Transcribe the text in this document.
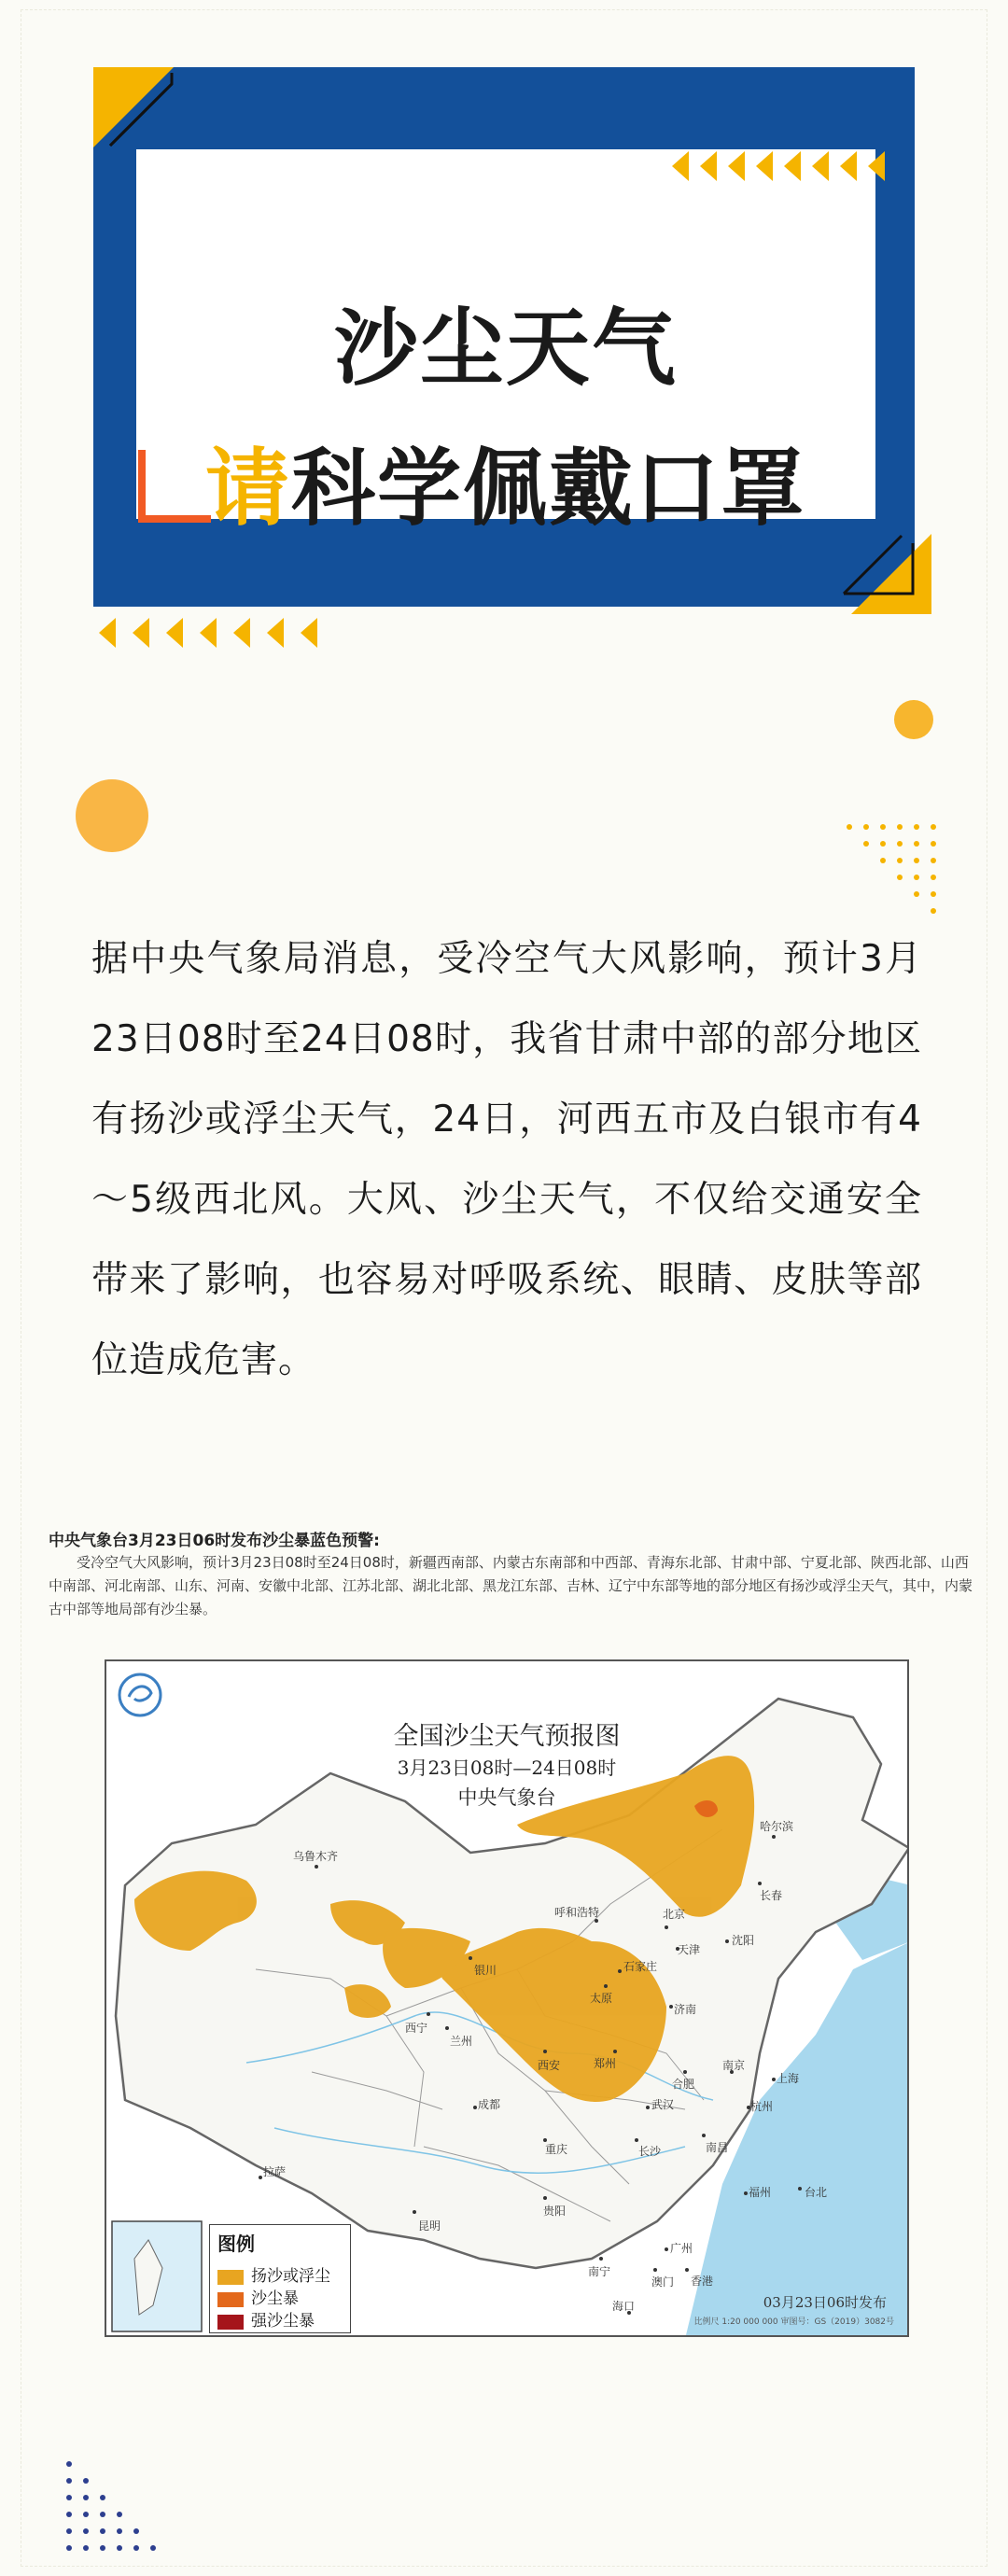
沙尘天气
请科学佩戴口罩
据中央气象局消息，受冷空气大风影响，预计3月23日08时至24日08时，我省甘肃中部的部分地区有扬沙或浮尘天气，24日，河西五市及白银市有4～5级西北风。大风、沙尘天气，不仅给交通安全带来了影响，也容易对呼吸系统、眼睛、皮肤等部位造成危害。
中央气象台3月23日06时发布沙尘暴蓝色预警:
受冷空气大风影响，预计3月23日08时至24日08时，新疆西南部、内蒙古东南部和中西部、青海东北部、甘肃中部、宁夏北部、陕西北部、山西中南部、河北南部、山东、河南、安徽中北部、江苏北部、湖北北部、黑龙江东部、吉林、辽宁中东部等地的部分地区有扬沙或浮尘天气，其中，内蒙古中部等地局部有沙尘暴。
全国沙尘天气预报图
3月23日08时—24日08时
中央气象台
乌鲁木齐
哈尔滨
长春
沈阳
呼和浩特	北京
天津
银川	石家庄
太原
济南
西宁
兰州
郑州
西安
合肥
南京
上海
杭州
成都
重庆
武汉
长沙	南昌
福州	台北
贵阳
昆明
拉萨
南宁
广州
香港
澳门
海口
图例
扬沙或浮尘
沙尘暴
强沙尘暴
03月23日06时发布
比例尺 1:20 000 000 审图号：GS（2019）3082号
